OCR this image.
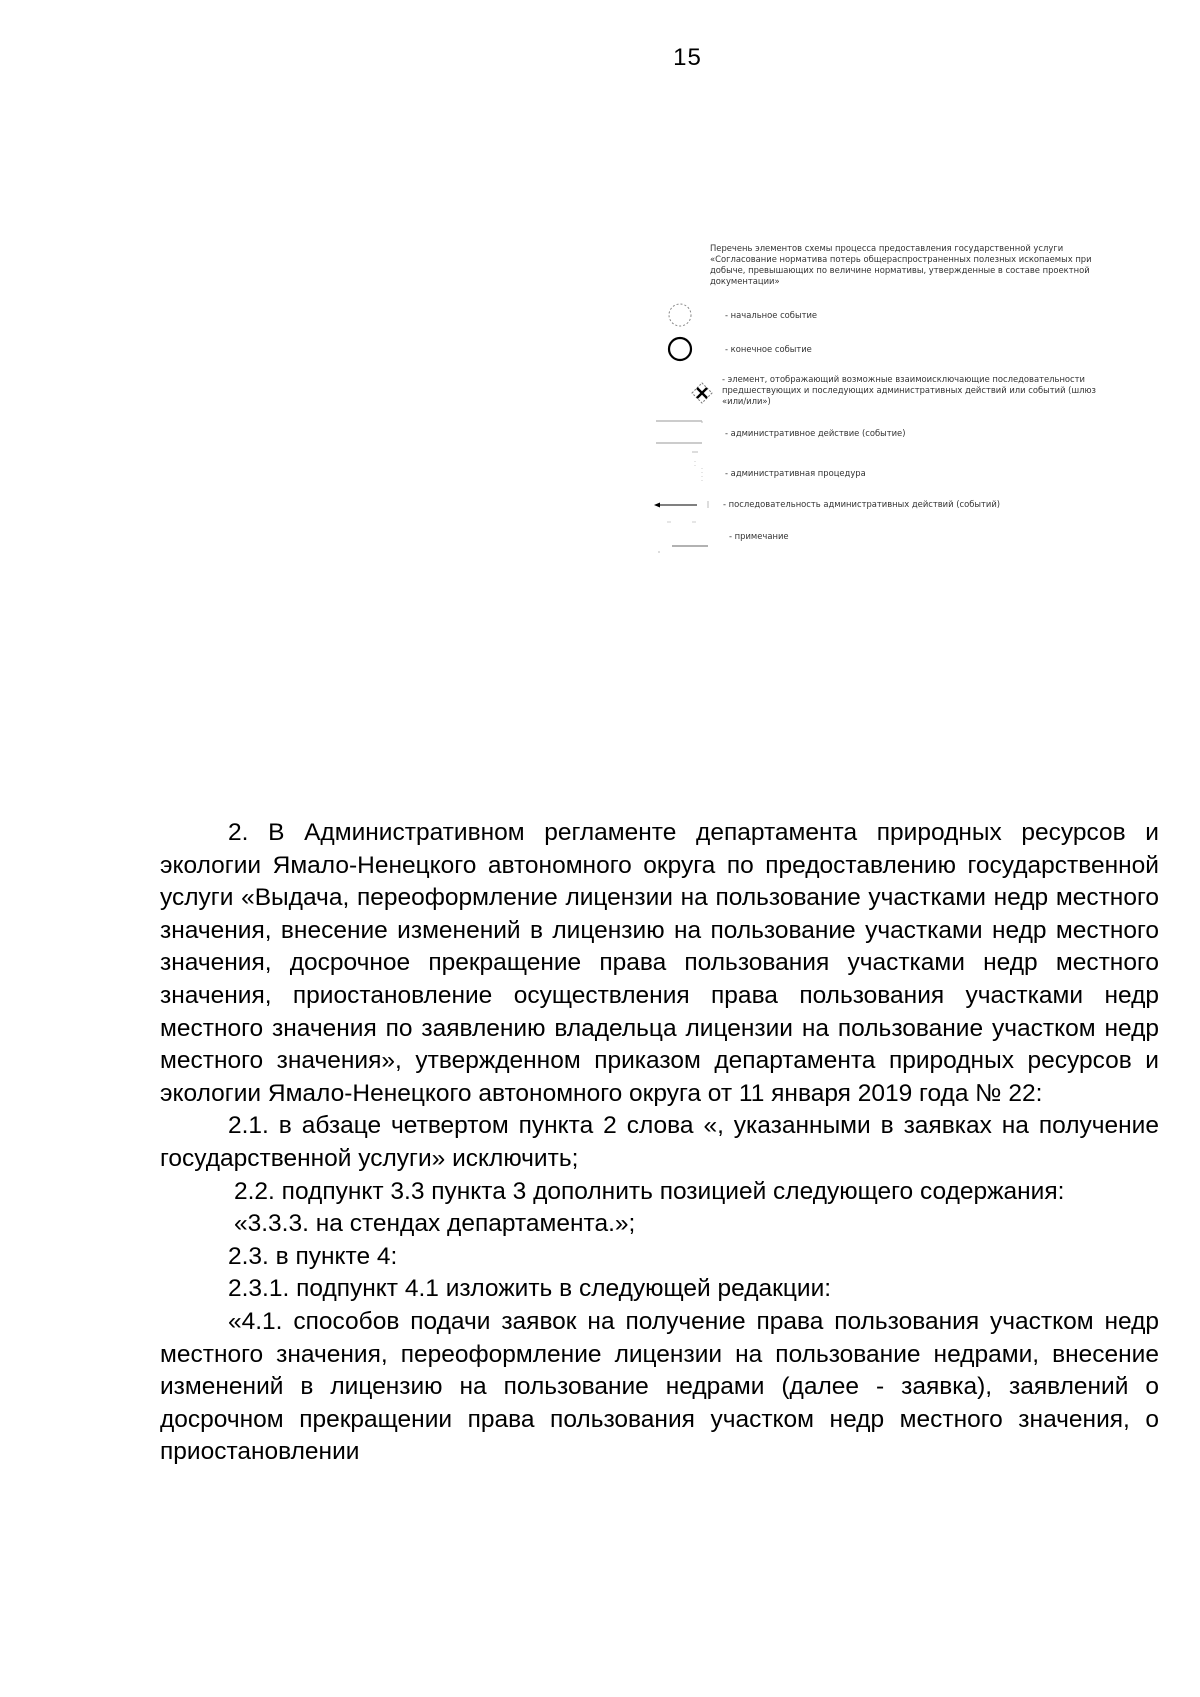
15
Перечень элементов схемы процесса предоставления государственной услуги «Согласование норматива потерь общераспространенных полезных ископаемых при добыче, превышающих по величине нормативы, утвержденные в составе проектной документации»
- начальное событие
- конечное событие
- элемент, отображающий возможные взаимоисключающие последовательности предшествующих и последующих административных действий или событий (шлюз «или/или»)
- административное действие (событие)
- административная процедура
- последовательность административных действий (событий)
- примечание

2. В Административном регламенте департамента природных ресурсов и экологии Ямало-Ненецкого автономного округа по предоставлению государственной услуги «Выдача, переоформление лицензии на пользование участками недр местного значения, внесение изменений в лицензию на пользование участками недр местного значения, досрочное прекращение права пользования участками недр местного значения, приостановление осуществления права пользования участками недр местного значения по заявлению владельца лицензии на пользование участком недр местного значения», утвержденном приказом департамента природных ресурсов и экологии Ямало-Ненецкого автономного округа от 11 января 2019 года № 22:

2.1. в абзаце четвертом пункта 2 слова «, указанными в заявках на получение государственной услуги» исключить;

2.2. подпункт 3.3 пункта 3 дополнить позицией следующего содержания:

«3.3.3. на стендах департамента.»;

2.3. в пункте 4:

2.3.1. подпункт 4.1 изложить в следующей редакции:

«4.1. способов подачи заявок на получение права пользования участком недр местного значения, переоформление лицензии на пользование недрами, внесение изменений в лицензию на пользование недрами (далее - заявка), заявлений о досрочном прекращении права пользования участком недр местного значения, о приостановлении
